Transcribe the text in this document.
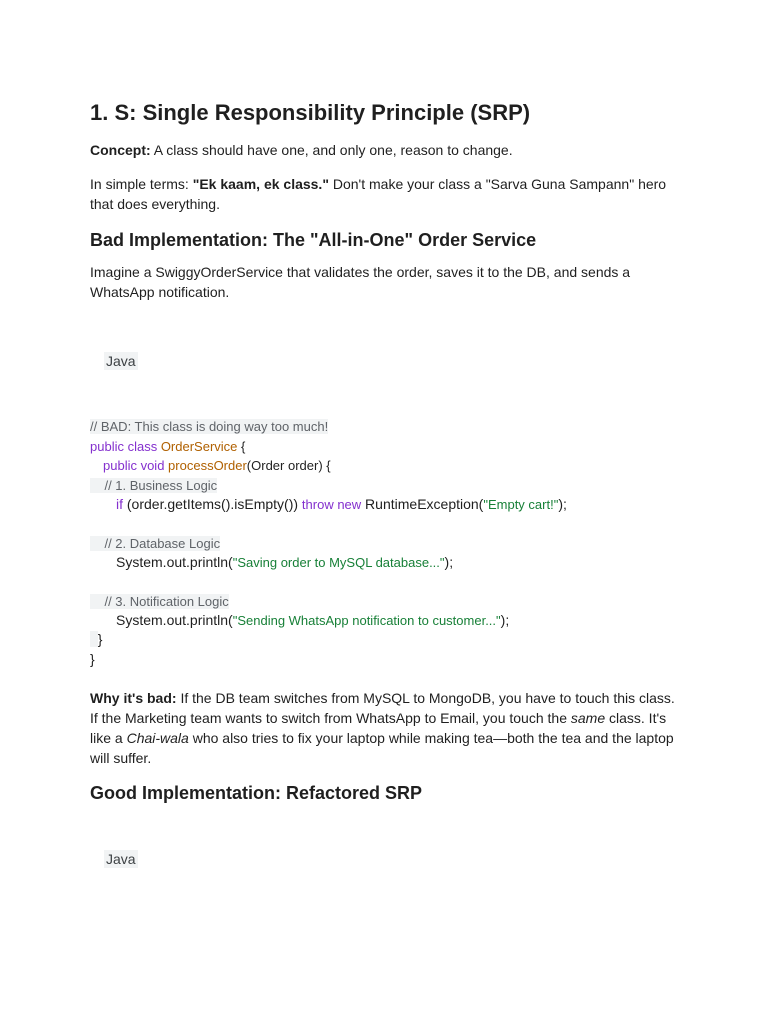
1. S: Single Responsibility Principle (SRP)

Concept: A class should have one, and only one, reason to change.

In simple terms: "Ek kaam, ek class." Don't make your class a "Sarva Guna Sampann" hero that does everything.

Bad Implementation: The "All-in-One" Order Service

Imagine a SwiggyOrderService that validates the order, saves it to the DB, and sends a WhatsApp notification.

Java
// BAD: This class is doing way too much!
public class OrderService {
public void processOrder(Order order) {
// 1. Business Logic
if (order.getItems().isEmpty()) throw new RuntimeException("Empty cart!");
// 2. Database Logic
System.out.println("Saving order to MySQL database...");
// 3. Notification Logic
System.out.println("Sending WhatsApp notification to customer...");
}
}

Why it's bad: If the DB team switches from MySQL to MongoDB, you have to touch this class. If the Marketing team wants to switch from WhatsApp to Email, you touch the same class. It's like a Chai-wala who also tries to fix your laptop while making tea—both the tea and the laptop will suffer.

Good Implementation: Refactored SRP
Java
